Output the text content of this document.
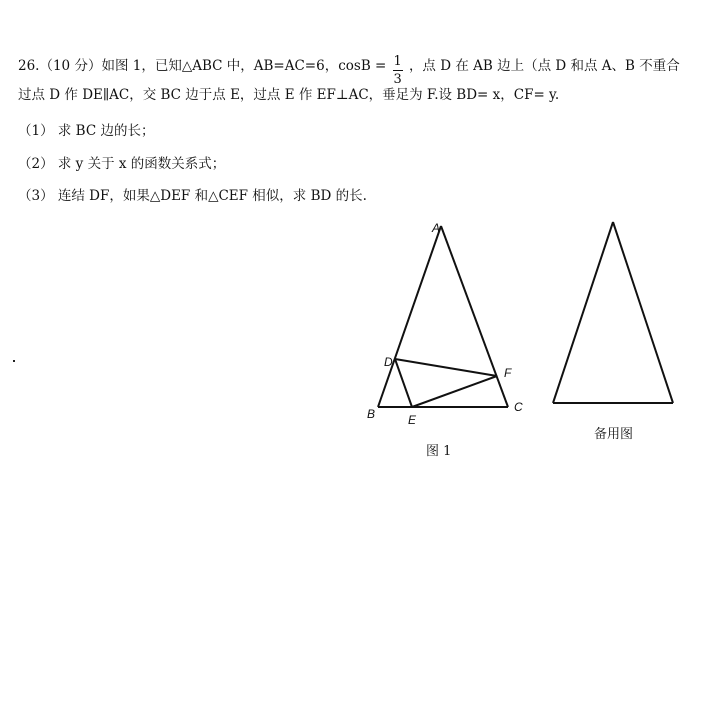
26.（10 分）如图 1，已知△ABC 中，AB=AC=6，$\cos B = \frac{1}{3}$ ，点 D 在 AB 边上（点 D 和点 A、B 不重合
过点 D 作 DE∥AC，交 BC 边于点 E，过点 E 作 EF⊥AC，垂足为 F.设 BD= x，CF= y.
（1） 求 BC 边的长；
（2） 求 y 关于 x 的函数关系式；
（3） 连结 DF，如果△DEF 和△CEF 相似，求 BD 的长.
A
B	C
D
E
F
图 1
备用图
